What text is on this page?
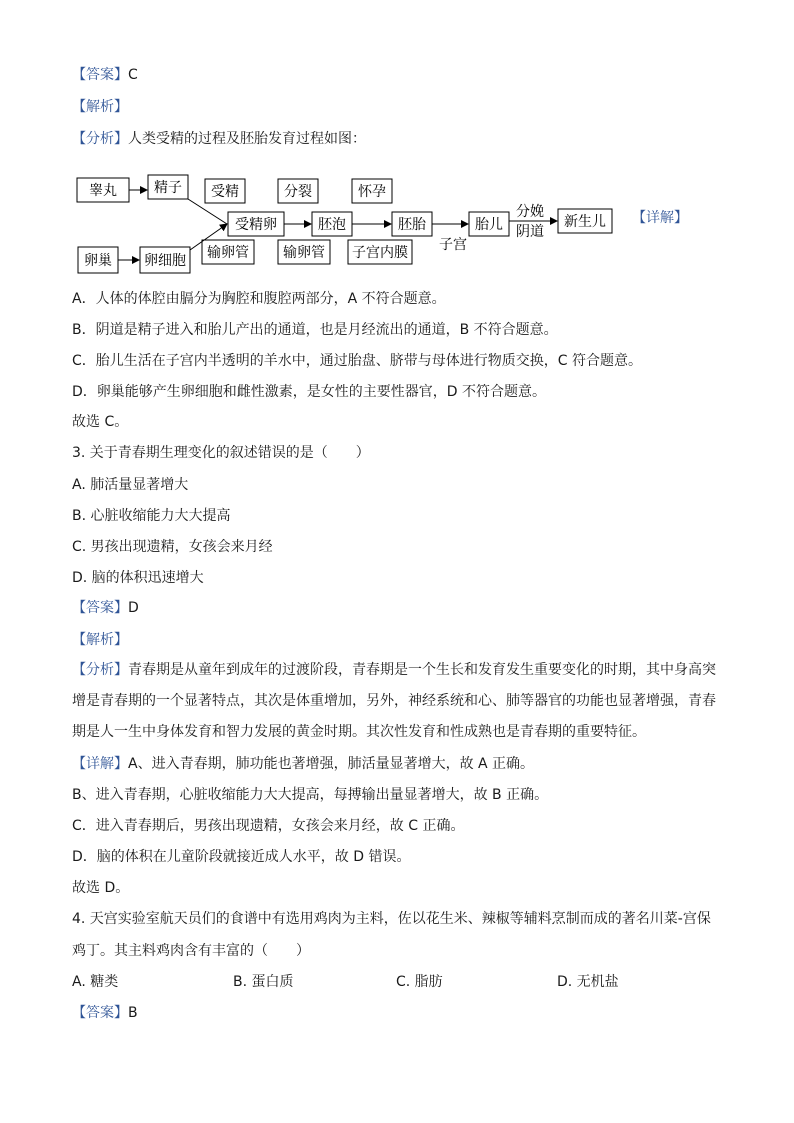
【答案】C
【解析】
【分析】人类受精的过程及胚胎发育过程如图：
睾丸	精子 受精	分裂	怀孕
受精卵	胚泡	胚胎	胎儿	新生儿
卵巢 卵细胞 输卵管 输卵管 子宫内膜 子宫
分娩
阴道
【详解】
A．人体的体腔由膈分为胸腔和腹腔两部分，A 不符合题意。
B．阴道是精子进入和胎儿产出的通道，也是月经流出的通道，B 不符合题意。
C．胎儿生活在子宫内半透明的羊水中，通过胎盘、脐带与母体进行物质交换，C 符合题意。
D．卵巢能够产生卵细胞和雌性激素，是女性的主要性器官，D 不符合题意。
故选 C。
3. 关于青春期生理变化的叙述错误的是（　　）
A. 肺活量显著增大
B. 心脏收缩能力大大提高
C. 男孩出现遗精，女孩会来月经
D. 脑的体积迅速增大
【答案】D
【解析】
【分析】青春期是从童年到成年的过渡阶段，青春期是一个生长和发育发生重要变化的时期，其中身高突增是青春期的一个显著特点，其次是体重增加，另外，神经系统和心、肺等器官的功能也显著增强，青春期是人一生中身体发育和智力发展的黄金时期。其次性发育和性成熟也是青春期的重要特征。
【详解】A、进入青春期，肺功能也著增强，肺活量显著增大，故 A 正确。
B、进入青春期，心脏收缩能力大大提高，每搏输出量显著增大，故 B 正确。
C．进入青春期后，男孩出现遗精，女孩会来月经，故 C 正确。
D．脑的体积在儿童阶段就接近成人水平，故 D 错误。
故选 D。
4. 天宫实验室航天员们的食谱中有选用鸡肉为主料，佐以花生米、辣椒等辅料烹制而成的著名川菜-宫保
鸡丁。其主料鸡肉含有丰富的（　　）
A. 糖类	B. 蛋白质	C. 脂肪	D. 无机盐
【答案】B
